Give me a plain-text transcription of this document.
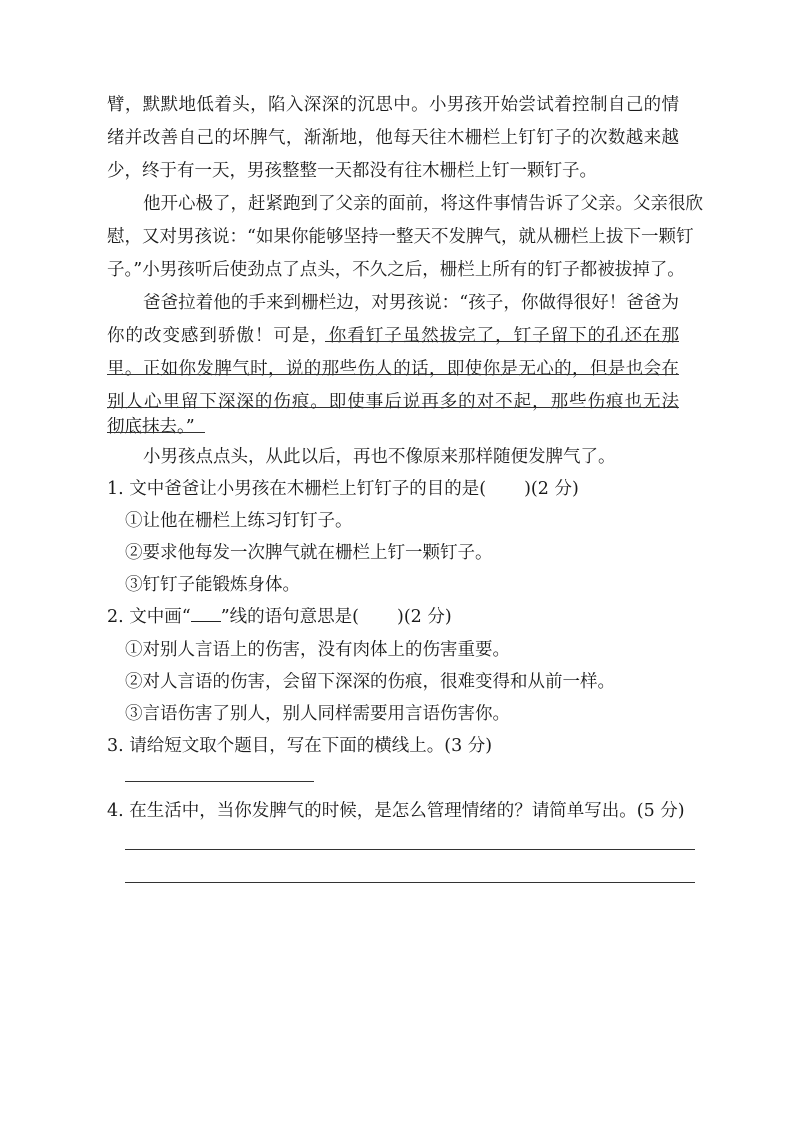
臂，默默地低着头，陷入深深的沉思中。小男孩开始尝试着控制自己的情
绪并改善自己的坏脾气，渐渐地，他每天往木栅栏上钉钉子的次数越来越
少，终于有一天，男孩整整一天都没有往木栅栏上钉一颗钉子。
他开心极了，赶紧跑到了父亲的面前，将这件事情告诉了父亲。父亲很欣
慰，又对男孩说：“如果你能够坚持一整天不发脾气，就从栅栏上拔下一颗钉
子。”小男孩听后使劲点了点头，不久之后，栅栏上所有的钉子都被拔掉了。
爸爸拉着他的手来到栅栏边，对男孩说：“孩子，你做得很好！爸爸为
你的改变感到骄傲！可是，你看钉子虽然拔完了，钉子留下的孔还在那
里。正如你发脾气时，说的那些伤人的话，即使你是无心的，但是也会在
别人心里留下深深的伤痕。即使事后说再多的对不起，那些伤痕也无法
彻底抹去。”
小男孩点点头，从此以后，再也不像原来那样随便发脾气了。
1. 文中爸爸让小男孩在木栅栏上钉钉子的目的是( )(2 分)
①让他在栅栏上练习钉钉子。
②要求他每发一次脾气就在栅栏上钉一颗钉子。
③钉钉子能锻炼身体。
2. 文中画“ ”线的语句意思是( )(2 分)
①对别人言语上的伤害，没有肉体上的伤害重要。
②对人言语的伤害，会留下深深的伤痕，很难变得和从前一样。
③言语伤害了别人，别人同样需要用言语伤害你。
3. 请给短文取个题目，写在下面的横线上。(3 分)
4. 在生活中，当你发脾气的时候，是怎么管理情绪的？请简单写出。(5 分)
